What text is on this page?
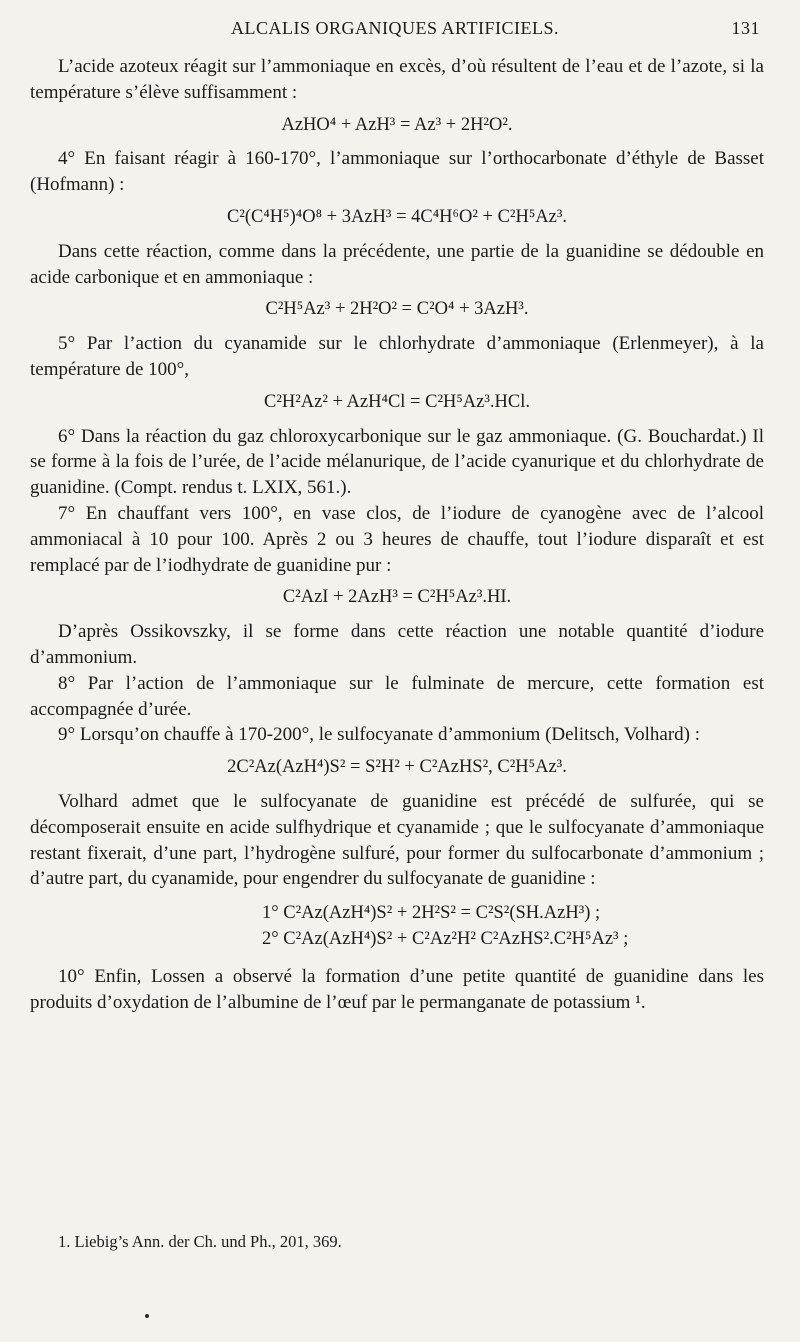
ALCALIS ORGANIQUES ARTIFICIELS.	131

L’acide azoteux réagit sur l’ammoniaque en excès, d’où résultent de l’eau et de l’azote, si la température s’élève suffisamment :

AzHO⁴ + AzH³ = Az³ + 2H²O².

4° En faisant réagir à 160-170°, l’ammoniaque sur l’orthocarbonate d’éthyle de Basset (Hofmann) :

C²(C⁴H⁵)⁴O⁸ + 3AzH³ = 4C⁴H⁶O² + C²H⁵Az³.

Dans cette réaction, comme dans la précédente, une partie de la guanidine se dédouble en acide carbonique et en ammoniaque :

C²H⁵Az³ + 2H²O² = C²O⁴ + 3AzH³.

5° Par l’action du cyanamide sur le chlorhydrate d’ammoniaque (Erlenmeyer), à la température de 100°,

C²H²Az² + AzH⁴Cl = C²H⁵Az³.HCl.

6° Dans la réaction du gaz chloroxycarbonique sur le gaz ammoniaque. (G. Bouchardat.) Il se forme à la fois de l’urée, de l’acide mélanurique, de l’acide cyanurique et du chlorhydrate de guanidine. (Compt. rendus t. LXIX, 561.).

7° En chauffant vers 100°, en vase clos, de l’iodure de cyanogène avec de l’alcool ammoniacal à 10 pour 100. Après 2 ou 3 heures de chauffe, tout l’iodure disparaît et est remplacé par de l’iodhydrate de guanidine pur :

C²AzI + 2AzH³ = C²H⁵Az³.HI.

D’après Ossikovszky, il se forme dans cette réaction une notable quantité d’iodure d’ammonium.

8° Par l’action de l’ammoniaque sur le fulminate de mercure, cette formation est accompagnée d’urée.

9° Lorsqu’on chauffe à 170-200°, le sulfocyanate d’ammonium (Delitsch, Volhard) :

2C²Az(AzH⁴)S² = S²H² + C²AzHS², C²H⁵Az³.

Volhard admet que le sulfocyanate de guanidine est précédé de sulfurée, qui se décomposerait ensuite en acide sulfhydrique et cyanamide ; que le sulfocyanate d’ammoniaque restant fixerait, d’une part, l’hydrogène sulfuré, pour former du sulfocarbonate d’ammonium ; d’autre part, du cyanamide, pour engendrer du sulfocyanate de guanidine :

1° C²Az(AzH⁴)S² + 2H²S² = C²S²(SH.AzH³) ;
2° C²Az(AzH⁴)S² + C²Az²H² C²AzHS².C²H⁵Az³ ;

10° Enfin, Lossen a observé la formation d’une petite quantité de guanidine dans les produits d’oxydation de l’albumine de l’œuf par le permanganate de potassium ¹.

1. Liebig’s Ann. der Ch. und Ph., 201, 369.
